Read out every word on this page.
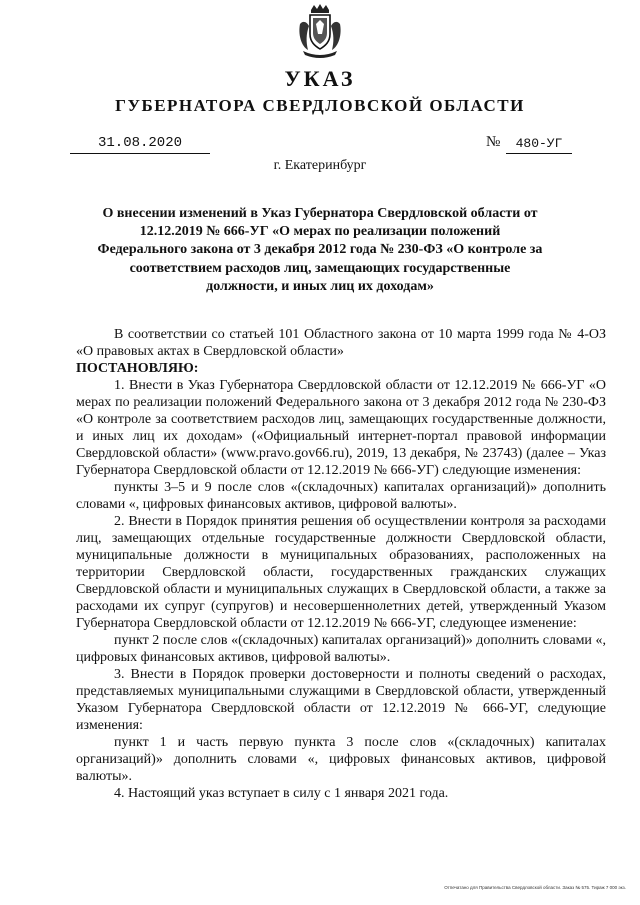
УКАЗ
ГУБЕРНАТОРА СВЕРДЛОВСКОЙ ОБЛАСТИ
31.08.2020	№	480-УГ
г. Екатеринбург
О внесении изменений в Указ Губернатора Свердловской области от 12.12.2019 № 666-УГ «О мерах по реализации положений Федерального закона от 3 декабря 2012 года № 230-ФЗ «О контроле за соответствием расходов лиц, замещающих государственные должности, и иных лиц их доходам»

В соответствии со статьей 101 Областного закона от 10 марта 1999 года № 4-ОЗ «О правовых актах в Свердловской области»

ПОСТАНОВЛЯЮ:

1. Внести в Указ Губернатора Свердловской области от 12.12.2019 № 666-УГ «О мерах по реализации положений Федерального закона от 3 декабря 2012 года № 230-ФЗ «О контроле за соответствием расходов лиц, замещающих государственные должности, и иных лиц их доходам» («Официальный интернет-портал правовой информации Свердловской области» (www.pravo.gov66.ru), 2019, 13 декабря, № 23743) (далее – Указ Губернатора Свердловской области от 12.12.2019 № 666-УГ) следующие изменения:

пункты 3–5 и 9 после слов «(складочных) капиталах организаций)» дополнить словами «, цифровых финансовых активов, цифровой валюты».

2. Внести в Порядок принятия решения об осуществлении контроля за расходами лиц, замещающих отдельные государственные должности Свердловской области, муниципальные должности в муниципальных образованиях, расположенных на территории Свердловской области, государственных гражданских служащих Свердловской области и муниципальных служащих в Свердловской области, а также за расходами их супруг (супругов) и несовершеннолетних детей, утвержденный Указом Губернатора Свердловской области от 12.12.2019 № 666-УГ, следующее изменение:

пункт 2 после слов «(складочных) капиталах организаций)» дополнить словами «, цифровых финансовых активов, цифровой валюты».

3. Внести в Порядок проверки достоверности и полноты сведений о расходах, представляемых муниципальными служащими в Свердловской области, утвержденный Указом Губернатора Свердловской области от 12.12.2019 № 666-УГ, следующие изменения:

пункт 1 и часть первую пункта 3 после слов «(складочных) капиталах организаций)» дополнить словами «, цифровых финансовых активов, цифровой валюты».

4. Настоящий указ вступает в силу с 1 января 2021 года.

Отпечатано для Правительства Свердловской области. Заказ № 575. Тираж 7 000 экз.
